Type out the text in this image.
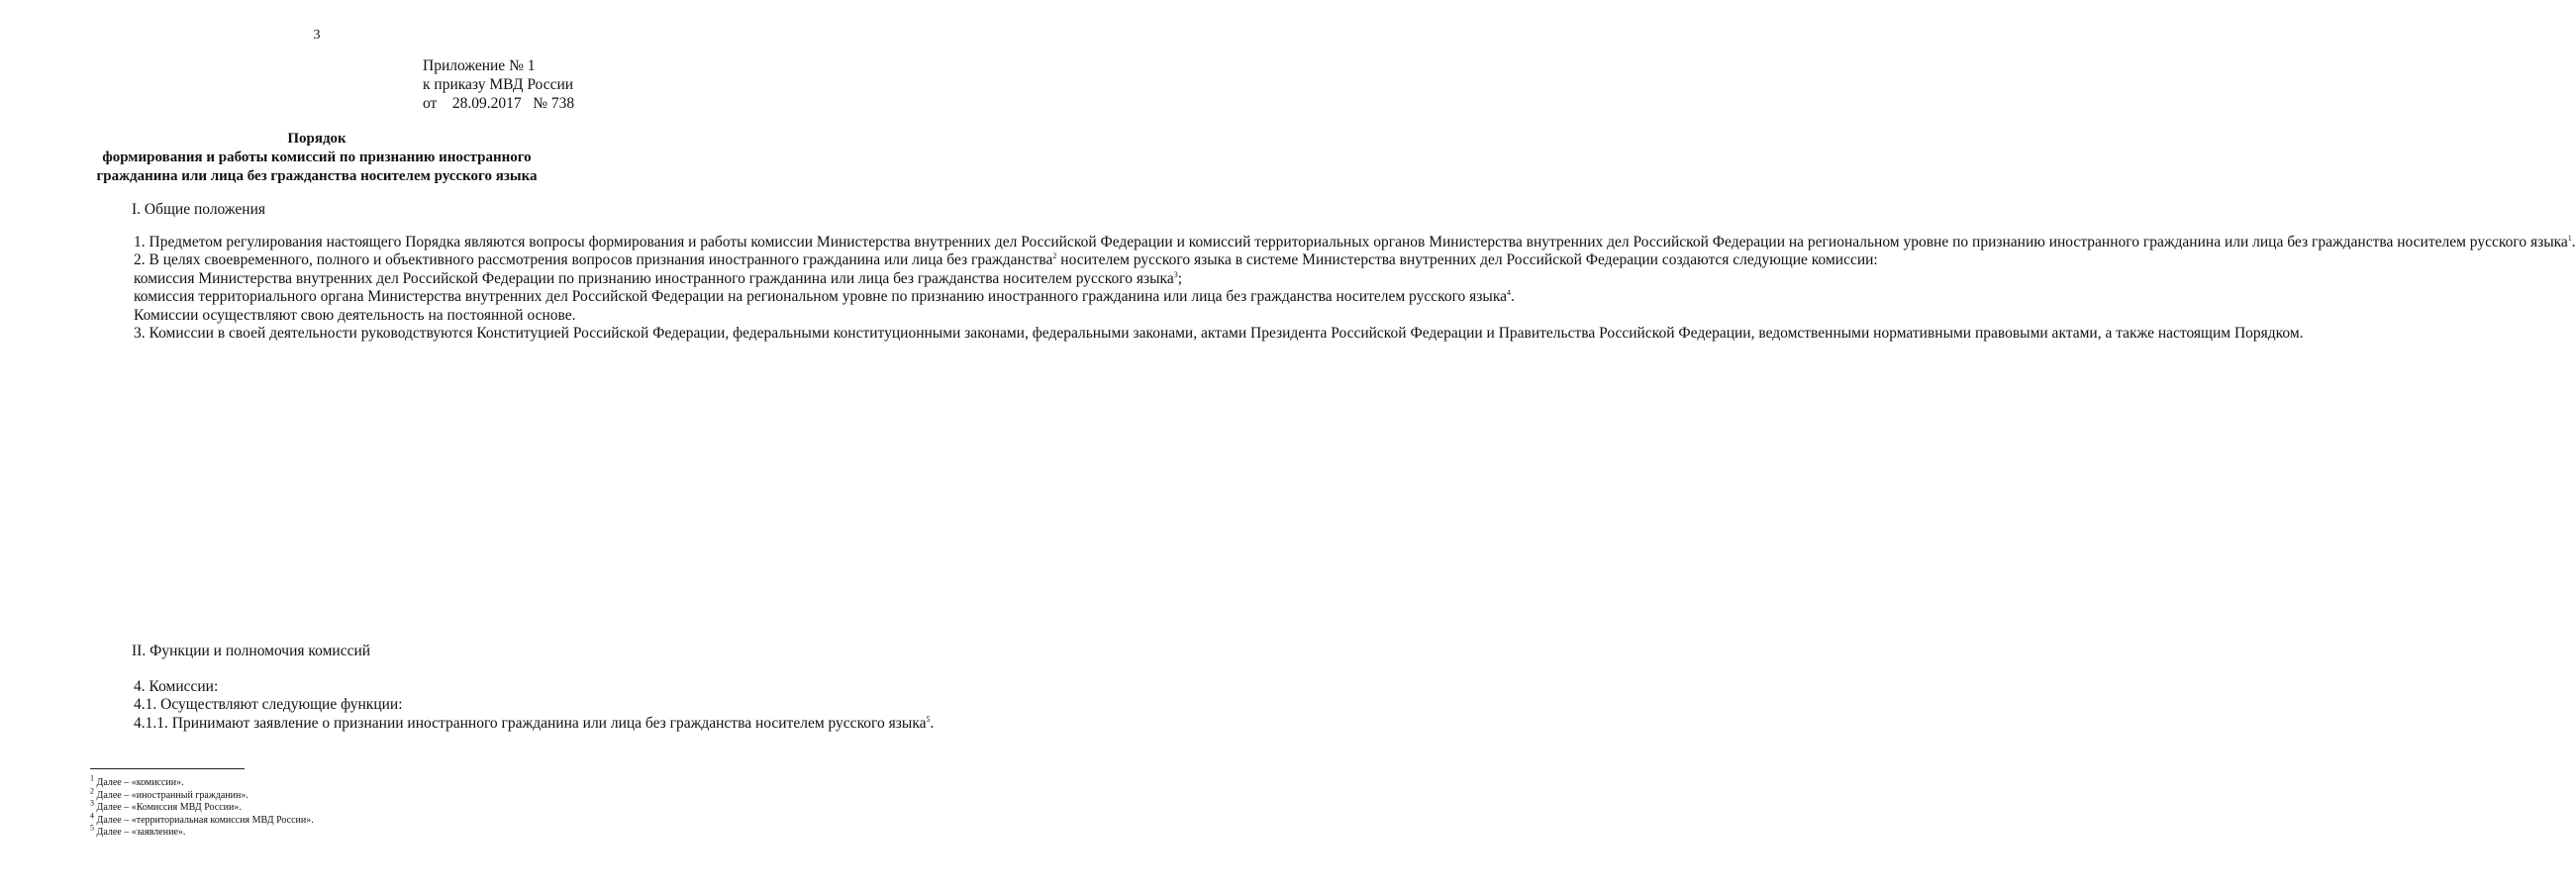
3
Приложение № 1
к приказу МВД России
от    28.09.2017   № 738
Порядок
формирования и работы комиссий по признанию иностранного
гражданина или лица без гражданства носителем русского языка
I. Общие положения

1. Предметом регулирования настоящего Порядка являются вопросы формирования и работы комиссии Министерства внутренних дел Российской Федерации и комиссий территориальных органов Министерства внутренних дел Российской Федерации на региональном уровне по признанию иностранного гражданина или лица без гражданства носителем русского языка$^1$.

2. В целях своевременного, полного и объективного рассмотрения вопросов признания иностранного гражданина или лица без гражданства$^2$ носителем русского языка в системе Министерства внутренних дел Российской Федерации создаются следующие комиссии:

комиссия Министерства внутренних дел Российской Федерации по признанию иностранного гражданина или лица без гражданства носителем русского языка$^3$;

комиссия территориального органа Министерства внутренних дел Российской Федерации на региональном уровне по признанию иностранного гражданина или лица без гражданства носителем русского языка$^4$.

Комиссии осуществляют свою деятельность на постоянной основе.

3. Комиссии в своей деятельности руководствуются Конституцией Российской Федерации, федеральными конституционными законами, федеральными законами, актами Президента Российской Федерации и Правительства Российской Федерации, ведомственными нормативными правовыми актами, а также настоящим Порядком.

II. Функции и полномочия комиссий

4. Комиссии:

4.1. Осуществляют следующие функции:

4.1.1. Принимают заявление о признании иностранного гражданина или лица без гражданства носителем русского языка$^5$.

$^1$ Далее – «комиссии».
$^2$ Далее – «иностранный гражданин».
$^3$ Далее – «Комиссия МВД России».
$^4$ Далее – «территориальная комиссия МВД России».
$^5$ Далее – «заявление».
